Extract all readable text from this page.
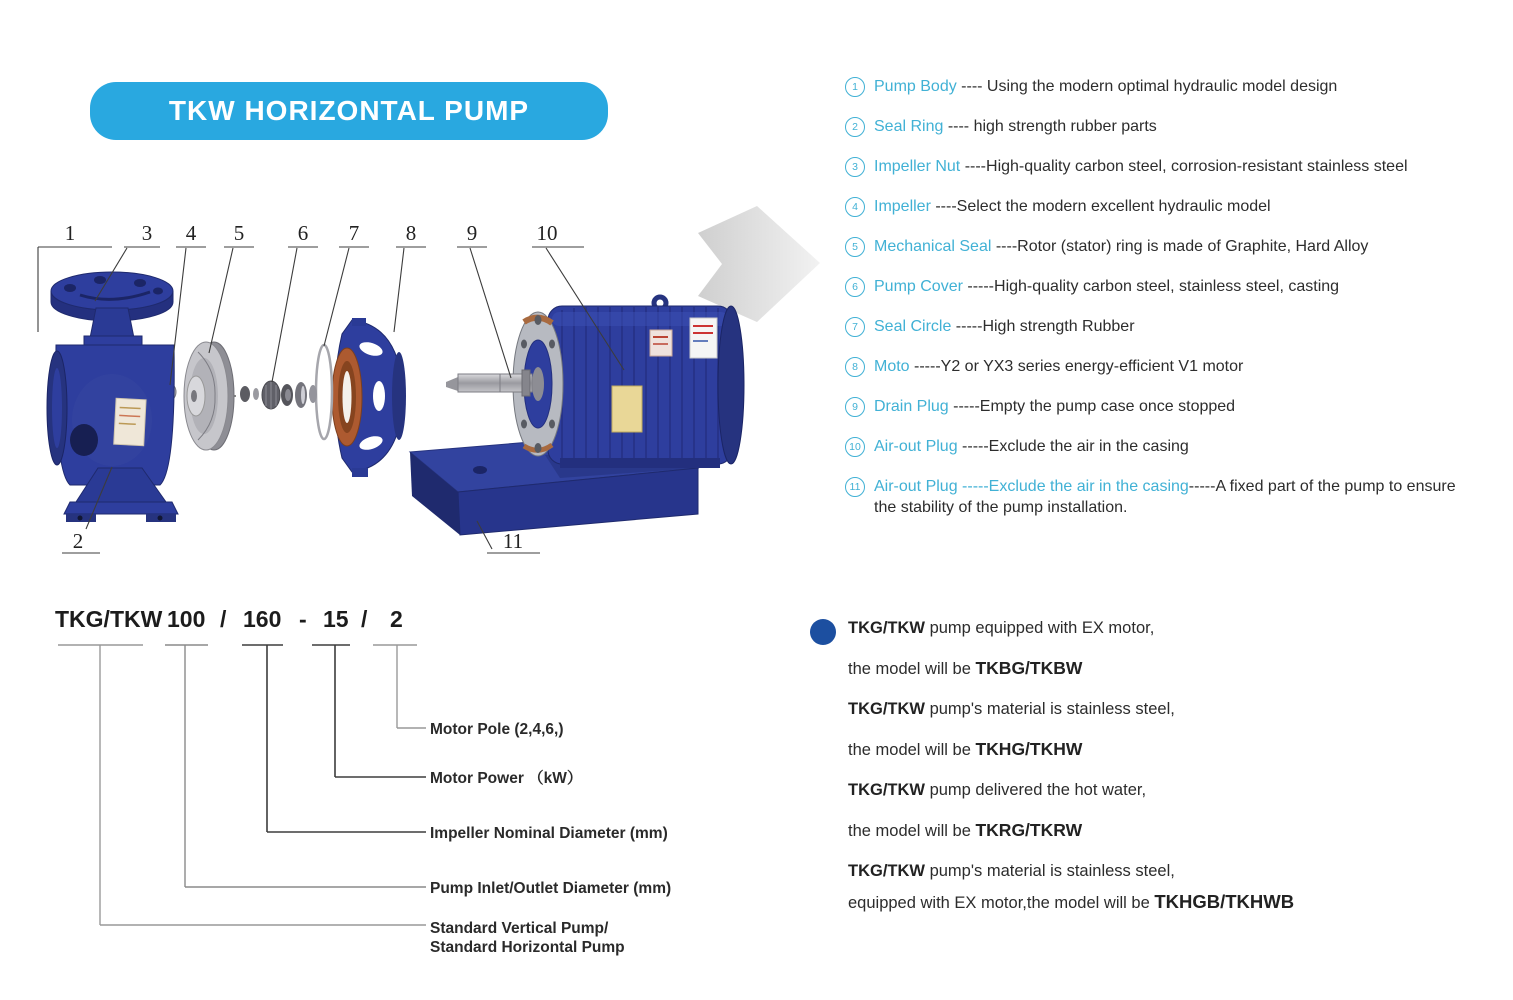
TKW HORIZONTAL PUMP
1	3 4 5	6 7 8 9	10
2	11
1	Pump Body ---- Using the modern optimal hydraulic model design
2	Seal Ring ---- high strength rubber parts
3	Impeller Nut ----High-quality carbon steel, corrosion-resistant stainless steel
4	Impeller ----Select the modern excellent hydraulic model
5	Mechanical Seal ----Rotor (stator) ring is made of Graphite, Hard Alloy
6	Pump Cover -----High-quality carbon steel, stainless steel, casting
7	Seal Circle -----High strength Rubber
8	Moto -----Y2 or YX3 series energy-efficient V1 motor
9	Drain Plug -----Empty the pump case once stopped
10 Air-out Plug -----Exclude the air in the casing
11 Air-out Plug -----Exclude the air in the casing-----A fixed part of the pump to ensure the stability of the pump installation.
TKG/TKW 100 / 160 - 15 / 2
Motor Pole (2,4,6,)
Motor Power （kW）
Impeller Nominal Diameter (mm)
Pump Inlet/Outlet Diameter (mm)
Standard Vertical Pump/
Standard Horizontal Pump
TKG/TKW pump equipped with EX motor,
the model will be TKBG/TKBW
TKG/TKW pump's material is stainless steel,
the model will be TKHG/TKHW
TKG/TKW pump delivered the hot water,
the model will be TKRG/TKRW
TKG/TKW pump's material is stainless steel,
equipped with EX motor,the model will be TKHGB/TKHWB
